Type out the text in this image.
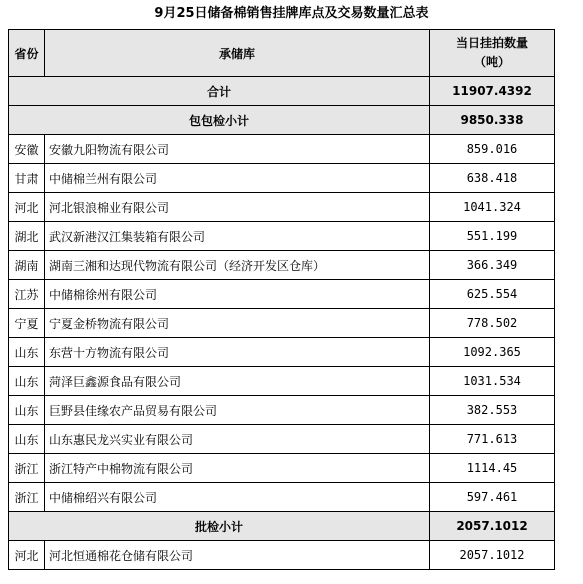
9月25日储备棉销售挂牌库点及交易数量汇总表
省份	承储库	当日挂拍数量
（吨）
合计		11907.4392
包包检小计		9850.338
安徽	安徽九阳物流有限公司	859.016
甘肃	中储棉兰州有限公司	638.418
河北	河北银浪棉业有限公司	1041.324
湖北	武汉新港汉江集装箱有限公司	551.199
湖南	湖南三湘和达现代物流有限公司（经济开发区仓库）	366.349
江苏	中储棉徐州有限公司	625.554
宁夏	宁夏金桥物流有限公司	778.502
山东	东营十方物流有限公司	1092.365
山东	菏泽巨鑫源食品有限公司	1031.534
山东	巨野县佳缘农产品贸易有限公司	382.553
山东	山东惠民龙兴实业有限公司	771.613
浙江	浙江特产中棉物流有限公司	1114.45
浙江	中储棉绍兴有限公司	597.461
批检小计		2057.1012
河北	河北恒通棉花仓储有限公司	2057.1012
